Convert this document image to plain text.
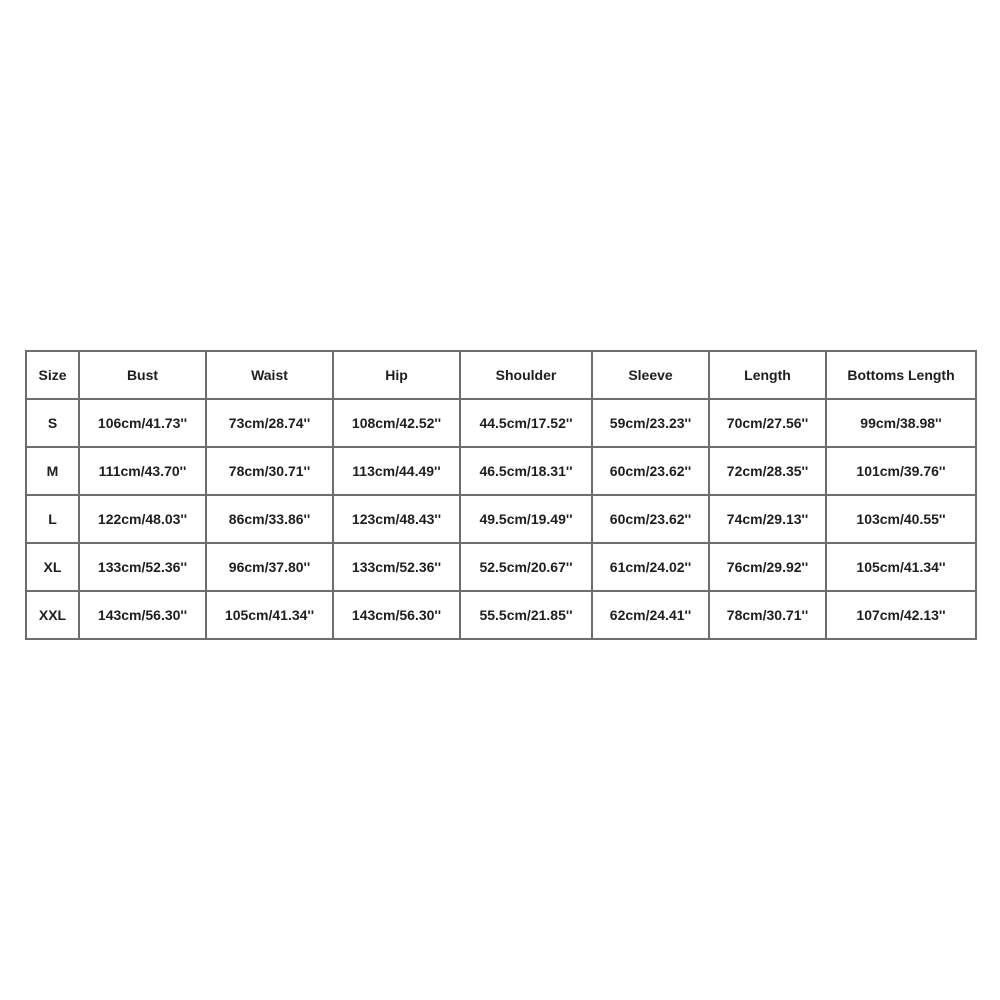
Size	Bust	Waist	Hip	Shoulder	Sleeve	Length	Bottoms Length
S	106cm/41.73''	73cm/28.74''	108cm/42.52''	44.5cm/17.52''	59cm/23.23''	70cm/27.56''	99cm/38.98''
M	111cm/43.70''	78cm/30.71''	113cm/44.49''	46.5cm/18.31''	60cm/23.62''	72cm/28.35''	101cm/39.76''
L	122cm/48.03''	86cm/33.86''	123cm/48.43''	49.5cm/19.49''	60cm/23.62''	74cm/29.13''	103cm/40.55''
XL	133cm/52.36''	96cm/37.80''	133cm/52.36''	52.5cm/20.67''	61cm/24.02''	76cm/29.92''	105cm/41.34''
XXL	143cm/56.30''	105cm/41.34''	143cm/56.30''	55.5cm/21.85''	62cm/24.41''	78cm/30.71''	107cm/42.13''
